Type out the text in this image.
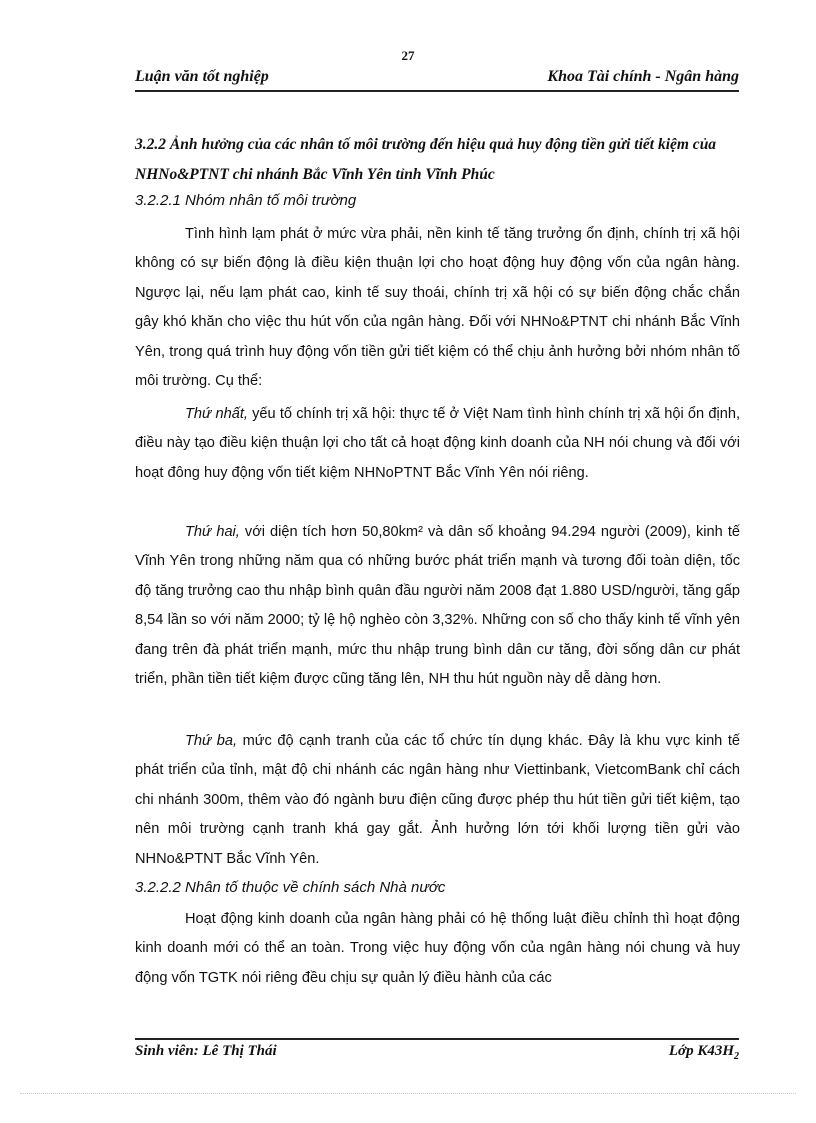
27
Luận văn tốt nghiệp	Khoa Tài chính - Ngân hàng
3.2.2 Ảnh hưởng của các nhân tố môi trường đến hiệu quả huy động tiền gửi tiết kiệm của NHNo&PTNT chi nhánh Bắc Vĩnh Yên tỉnh Vĩnh Phúc
3.2.2.1 Nhóm nhân tố môi trường

Tình hình lạm phát ở mức vừa phải, nền kinh tế tăng trưởng ổn định, chính trị xã hội không có sự biến động là điều kiện thuận lợi cho hoạt động huy động vốn của ngân hàng. Ngược lại, nếu lạm phát cao, kinh tế suy thoái, chính trị xã hội có sự biến động chắc chắn gây khó khăn cho việc thu hút vốn của ngân hàng. Đối với NHNo&PTNT chi nhánh Bắc Vĩnh Yên, trong quá trình huy động vốn tiền gửi tiết kiệm có thể chịu ảnh hưởng bởi nhóm nhân tố môi trường. Cụ thể:

Thứ nhất, yếu tố chính trị xã hội: thực tế ở Việt Nam tình hình chính trị xã hội ổn định, điều này tạo điều kiện thuận lợi cho tất cả hoạt động kinh doanh của NH nói chung và đối với hoạt đông huy động vốn tiết kiệm NHNoPTNT Bắc Vĩnh Yên nói riêng.

Thứ hai, với diện tích hơn 50,80km² và dân số khoảng 94.294 người (2009), kinh tế Vĩnh Yên trong những năm qua có những bước phát triển mạnh và tương đối toàn diện, tốc độ tăng trưởng cao thu nhập bình quân đầu người năm 2008 đạt 1.880 USD/người, tăng gấp 8,54 lần so với năm 2000; tỷ lệ hộ nghèo còn 3,32%. Những con số cho thấy kinh tế vĩnh yên đang trên đà phát triển mạnh, mức thu nhập trung bình dân cư tăng, đời sống dân cư phát triển, phần tiền tiết kiệm được cũng tăng lên, NH thu hút nguồn này dễ dàng hơn.

Thứ ba, mức độ cạnh tranh của các tổ chức tín dụng khác. Đây là khu vực kinh tế phát triển của tỉnh, mật độ chi nhánh các ngân hàng như Viettinbank, VietcomBank chỉ cách chi nhánh 300m, thêm vào đó ngành bưu điện cũng được phép thu hút tiền gửi tiết kiệm, tạo nên môi trường cạnh tranh khá gay gắt. Ảnh hưởng lớn tới khối lượng tiền gửi vào NHNo&PTNT Bắc Vĩnh Yên.

3.2.2.2 Nhân tố thuộc về chính sách Nhà nước

Hoạt động kinh doanh của ngân hàng phải có hệ thống luật điều chỉnh thì hoạt động kinh doanh mới có thể an toàn. Trong việc huy động vốn của ngân hàng nói chung và huy động vốn TGTK nói riêng đều chịu sự quản lý điều hành của các

Sinh viên: Lê Thị Thái	Lớp $K43H_2$
